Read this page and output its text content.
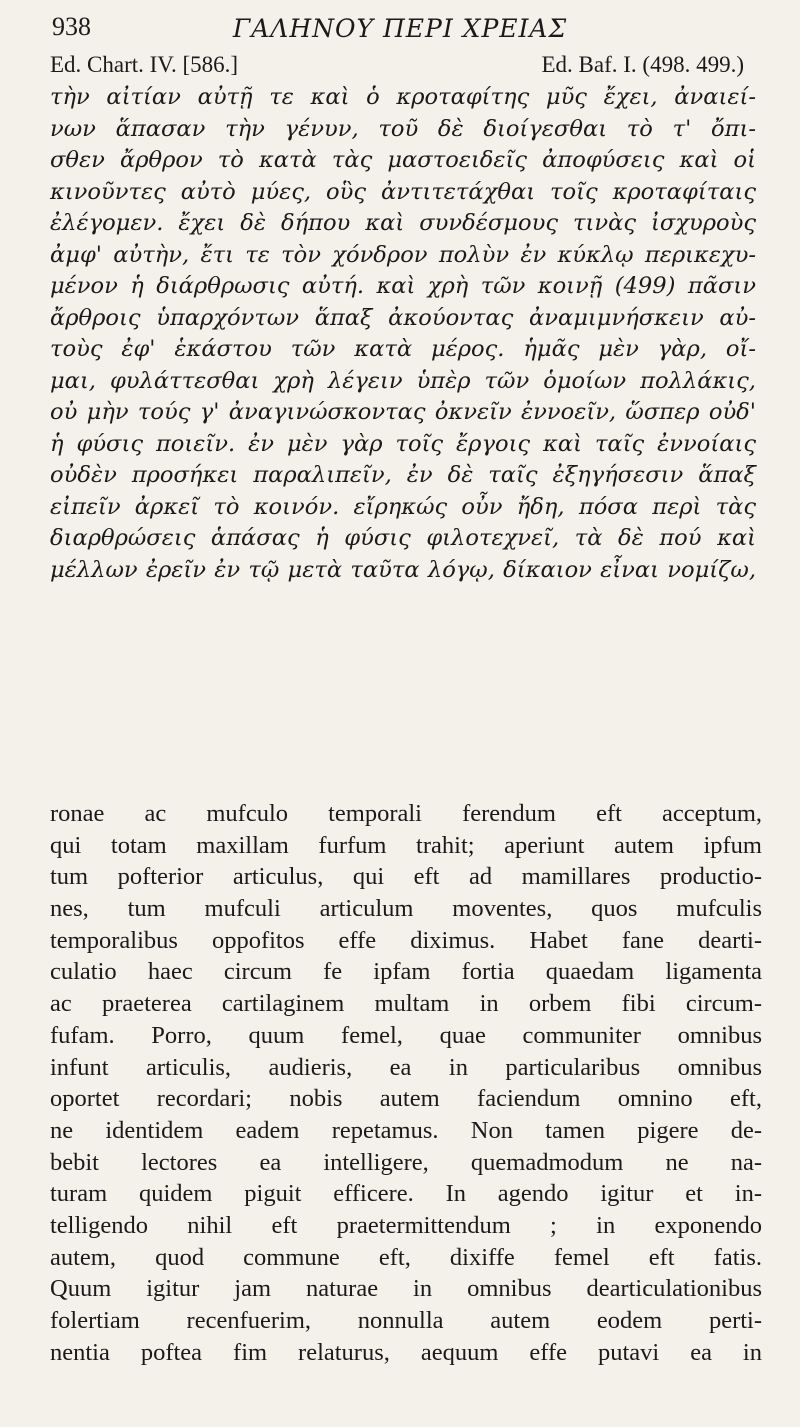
938	ΓΑΛΗΝΟΥ ΠΕΡΙ ΧΡΕΙΑΣ
Ed. Chart. IV. [586.]	Ed. Baf. I. (498. 499.)
τὴν αἰτίαν αὐτῇ τε καὶ ὁ κροταφίτης μῦς ἔχει, ἀναιεί-
νων ἅπασαν τὴν γένυν, τοῦ δὲ διοίγεσθαι τὸ τ' ὄπι-
σθεν ἄρθρον τὸ κατὰ τὰς μαστοειδεῖς ἀποφύσεις καὶ οἱ
κινοῦντες αὐτὸ μύες, οὓς ἀντιτετάχθαι τοῖς κροταφίταις
ἐλέγομεν. ἔχει δὲ δήπου καὶ συνδέσμους τινὰς ἰσχυροὺς
ἀμφ' αὐτὴν, ἔτι τε τὸν χόνδρον πολὺν ἐν κύκλῳ περικεχυ-
μένον ἡ διάρθρωσις αὐτή. καὶ χρὴ τῶν κοινῇ (499) πᾶσιν
ἄρθροις ὑπαρχόντων ἅπαξ ἀκούοντας ἀναμιμνήσκειν αὐ-
τοὺς ἐφ' ἑκάστου τῶν κατὰ μέρος. ἡμᾶς μὲν γὰρ, οἴ-
μαι, φυλάττεσθαι χρὴ λέγειν ὑπὲρ τῶν ὁμοίων πολλάκις,
οὐ μὴν τούς γ' ἀναγινώσκοντας ὀκνεῖν ἐννοεῖν, ὥσπερ οὐδ'
ἡ φύσις ποιεῖν. ἐν μὲν γὰρ τοῖς ἔργοις καὶ ταῖς ἐννοίαις
οὐδὲν προσήκει παραλιπεῖν, ἐν δὲ ταῖς ἐξηγήσεσιν ἅπαξ
εἰπεῖν ἀρκεῖ τὸ κοινόν. εἴρηκώς οὖν ἤδη, πόσα περὶ τὰς
διαρθρώσεις ἁπάσας ἡ φύσις φιλοτεχνεῖ, τὰ δὲ πού καὶ
μέλλων ἐρεῖν ἐν τῷ μετὰ ταῦτα λόγῳ, δίκαιον εἶναι νομίζω,
ronae ac mufculo temporali ferendum eft acceptum,
qui totam maxillam furfum trahit; aperiunt autem ipfum
tum pofterior articulus, qui eft ad mamillares productio-
nes, tum mufculi articulum moventes, quos mufculis
temporalibus oppofitos effe diximus. Habet fane dearti-
culatio haec circum fe ipfam fortia quaedam ligamenta
ac praeterea cartilaginem multam in orbem fibi circum-
fufam. Porro, quum femel, quae communiter omnibus
infunt articulis, audieris, ea in particularibus omnibus
oportet recordari; nobis autem faciendum omnino eft,
ne identidem eadem repetamus. Non tamen pigere de-
bebit lectores ea intelligere, quemadmodum ne na-
turam quidem piguit efficere. In agendo igitur et in-
telligendo nihil eft praetermittendum ; in exponendo
autem, quod commune eft, dixiffe femel eft fatis.
Quum igitur jam naturae in omnibus dearticulationibus
folertiam recenfuerim, nonnulla autem eodem perti-
nentia poftea fim relaturus, aequum effe putavi ea in
